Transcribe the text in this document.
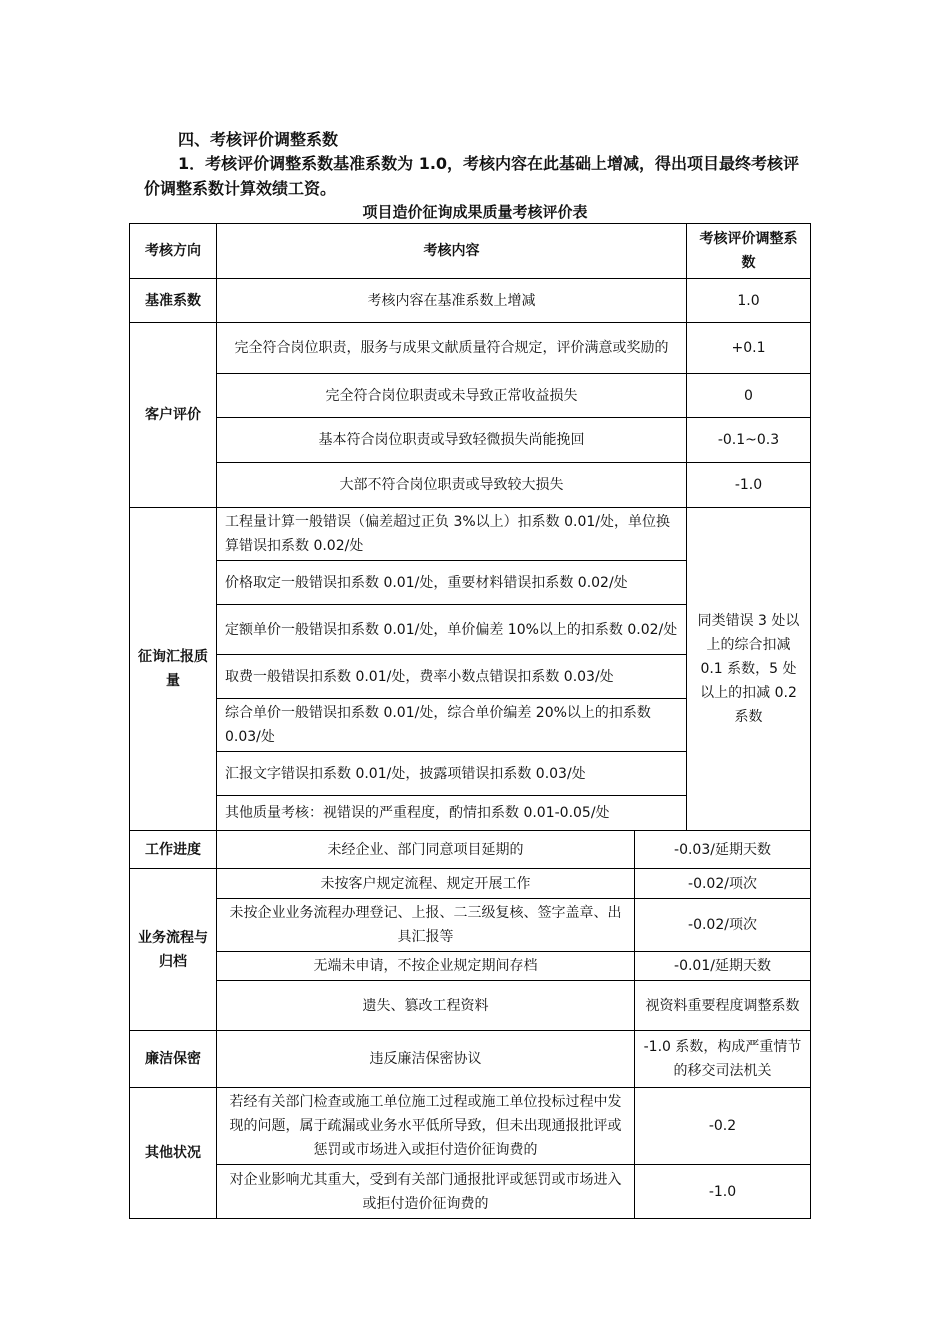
四、考核评价调整系数
1．考核评价调整系数基准系数为 1.0，考核内容在此基础上增减，得出项目最终考核评价调整系数计算效绩工资。
项目造价征询成果质量考核评价表
考核方向	考核内容		考核评价调整系数
基准系数	考核内容在基准系数上增减		1.0
客户评价	完全符合岗位职责，服务与成果文献质量符合规定，评价满意或奖励的		+0.1
	完全符合岗位职责或未导致正常收益损失		0
	基本符合岗位职责或导致轻微损失尚能挽回		-0.1~0.3
	大部不符合岗位职责或导致较大损失		-1.0
征询汇报质量	工程量计算一般错误（偏差超过正负 3%以上）扣系数 0.01/处，单位换算错误扣系数 0.02/处		同类错误 3 处以上的综合扣减 0.1 系数，5 处以上的扣减 0.2 系数
	价格取定一般错误扣系数 0.01/处，重要材料错误扣系数 0.02/处		
	定额单价一般错误扣系数 0.01/处，单价偏差 10%以上的扣系数 0.02/处		
	取费一般错误扣系数 0.01/处，费率小数点错误扣系数 0.03/处		
	综合单价一般错误扣系数 0.01/处，综合单价编差 20%以上的扣系数 0.03/处		
	汇报文字错误扣系数 0.01/处，披露项错误扣系数 0.03/处		
	其他质量考核：视错误的严重程度，酌情扣系数 0.01-0.05/处		
工作进度	未经企业、部门同意项目延期的	-0.03/延期天数	
业务流程与归档	未按客户规定流程、规定开展工作	-0.02/项次	
	未按企业业务流程办理登记、上报、二三级复核、签字盖章、出具汇报等	-0.02/项次	
	无端未申请，不按企业规定期间存档	-0.01/延期天数	
	遗失、篡改工程资料	视资料重要程度调整系数	
廉洁保密	违反廉洁保密协议	-1.0 系数，构成严重情节的移交司法机关	
其他状况	若经有关部门检查或施工单位施工过程或施工单位投标过程中发现的问题，属于疏漏或业务水平低所导致，但未出现通报批评或惩罚或市场进入或拒付造价征询费的	-0.2	
	对企业影响尤其重大，受到有关部门通报批评或惩罚或市场进入或拒付造价征询费的	-1.0	
